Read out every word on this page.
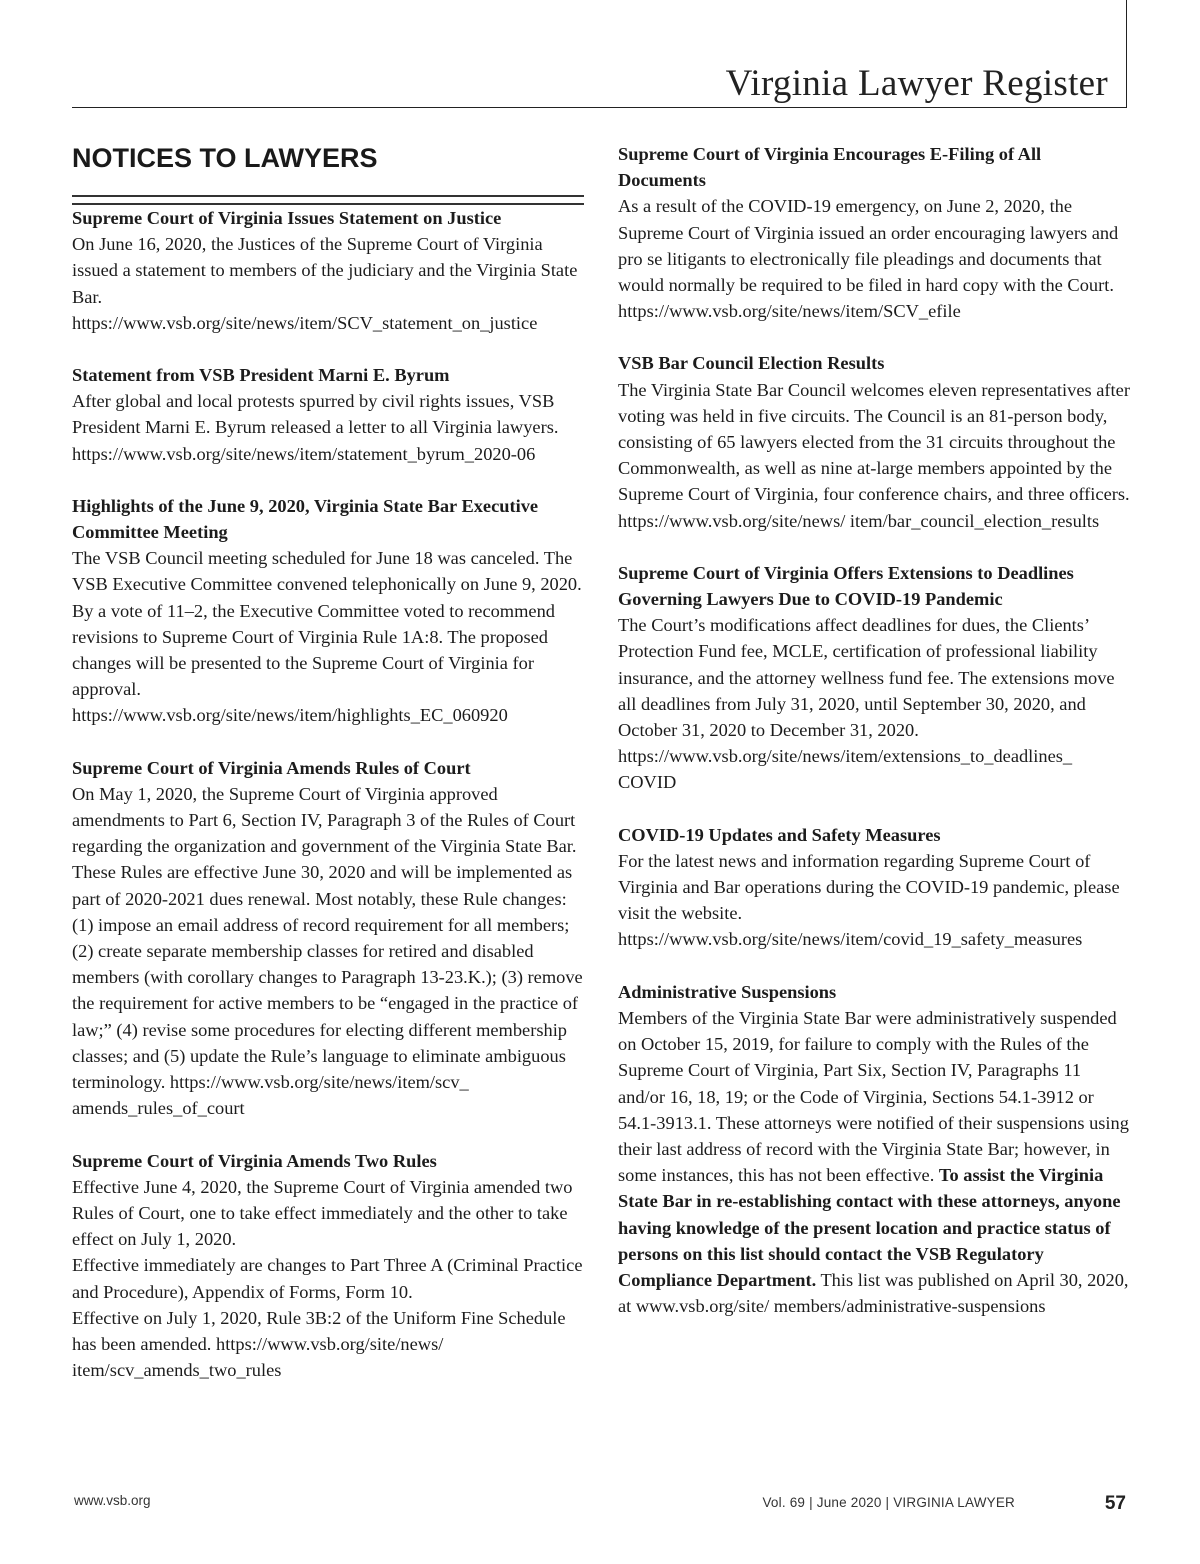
Virginia Lawyer Register
NOTICES TO LAWYERS

Supreme Court of Virginia Issues Statement on Justice

On June 16, 2020, the Justices of the Supreme Court of Virginia issued a statement to members of the judiciary and the Virginia State Bar.

https://www.vsb.org/site/news/item/SCV_statement_on_justice

Statement from VSB President Marni E. Byrum

After global and local protests spurred by civil rights issues, VSB President Marni E. Byrum released a letter to all Virginia lawyers.

https://www.vsb.org/site/news/item/statement_byrum_2020-06

Highlights of the June 9, 2020, Virginia State Bar Executive Committee Meeting

The VSB Council meeting scheduled for June 18 was canceled. The VSB Executive Committee convened telephonically on June 9, 2020. By a vote of 11–2, the Executive Committee voted to recommend revisions to Supreme Court of Virginia Rule 1A:8. The proposed changes will be presented to the Supreme Court of Virginia for approval.

https://www.vsb.org/site/news/item/highlights_EC_060920

Supreme Court of Virginia Amends Rules of Court

On May 1, 2020, the Supreme Court of Virginia approved amendments to Part 6, Section IV, Paragraph 3 of the Rules of Court regarding the organization and government of the Virginia State Bar. These Rules are effective June 30, 2020 and will be implemented as part of 2020-2021 dues renewal. Most notably, these Rule changes: (1) impose an email address of record requirement for all members; (2) create separate membership classes for retired and disabled members (with corollary changes to Paragraph 13-23.K.); (3) remove the requirement for active members to be “engaged in the practice of law;” (4) revise some procedures for electing different membership classes; and (5) update the Rule’s language to eliminate ambiguous terminology. https://www.vsb.org/site/news/item/scv_ amends_rules_of_court

Supreme Court of Virginia Amends Two Rules

Effective June 4, 2020, the Supreme Court of Virginia amended two Rules of Court, one to take effect immediately and the other to take effect on July 1, 2020.

Effective immediately are changes to Part Three A (Criminal Practice and Procedure), Appendix of Forms, Form 10.

Effective on July 1, 2020, Rule 3B:2 of the Uniform Fine Schedule has been amended. https://www.vsb.org/site/news/ item/scv_amends_two_rules

Supreme Court of Virginia Encourages E-Filing of All Documents

As a result of the COVID-19 emergency, on June 2, 2020, the Supreme Court of Virginia issued an order encouraging lawyers and pro se litigants to electronically file pleadings and documents that would normally be required to be filed in hard copy with the Court. https://www.vsb.org/site/news/item/SCV_efile

VSB Bar Council Election Results

The Virginia State Bar Council welcomes eleven representatives after voting was held in five circuits. The Council is an 81-person body, consisting of 65 lawyers elected from the 31 circuits throughout the Commonwealth, as well as nine at-large members appointed by the Supreme Court of Virginia, four conference chairs, and three officers. https://www.vsb.org/site/news/ item/bar_council_election_results

Supreme Court of Virginia Offers Extensions to Deadlines Governing Lawyers Due to COVID-19 Pandemic

The Court’s modifications affect deadlines for dues, the Clients’ Protection Fund fee, MCLE, certification of professional liability insurance, and the attorney wellness fund fee. The extensions move all deadlines from July 31, 2020, until September 30, 2020, and October 31, 2020 to December 31, 2020.

https://www.vsb.org/site/news/item/extensions_to_deadlines_ COVID

COVID-19 Updates and Safety Measures

For the latest news and information regarding Supreme Court of Virginia and Bar operations during the COVID-19 pandemic, please visit the website.

https://www.vsb.org/site/news/item/covid_19_safety_measures

Administrative Suspensions

Members of the Virginia State Bar were administratively suspended on October 15, 2019, for failure to comply with the Rules of the Supreme Court of Virginia, Part Six, Section IV, Paragraphs 11 and/or 16, 18, 19; or the Code of Virginia, Sections 54.1-3912 or 54.1-3913.1. These attorneys were notified of their suspensions using their last address of record with the Virginia State Bar; however, in some instances, this has not been effective. To assist the Virginia State Bar in re-establishing contact with these attorneys, anyone having knowledge of the present location and practice status of persons on this list should contact the VSB Regulatory Compliance Department. This list was published on April 30, 2020, at www.vsb.org/site/ members/administrative-suspensions

www.vsb.org	Vol. 69 | June 2020 | VIRGINIA LAWYER	57
